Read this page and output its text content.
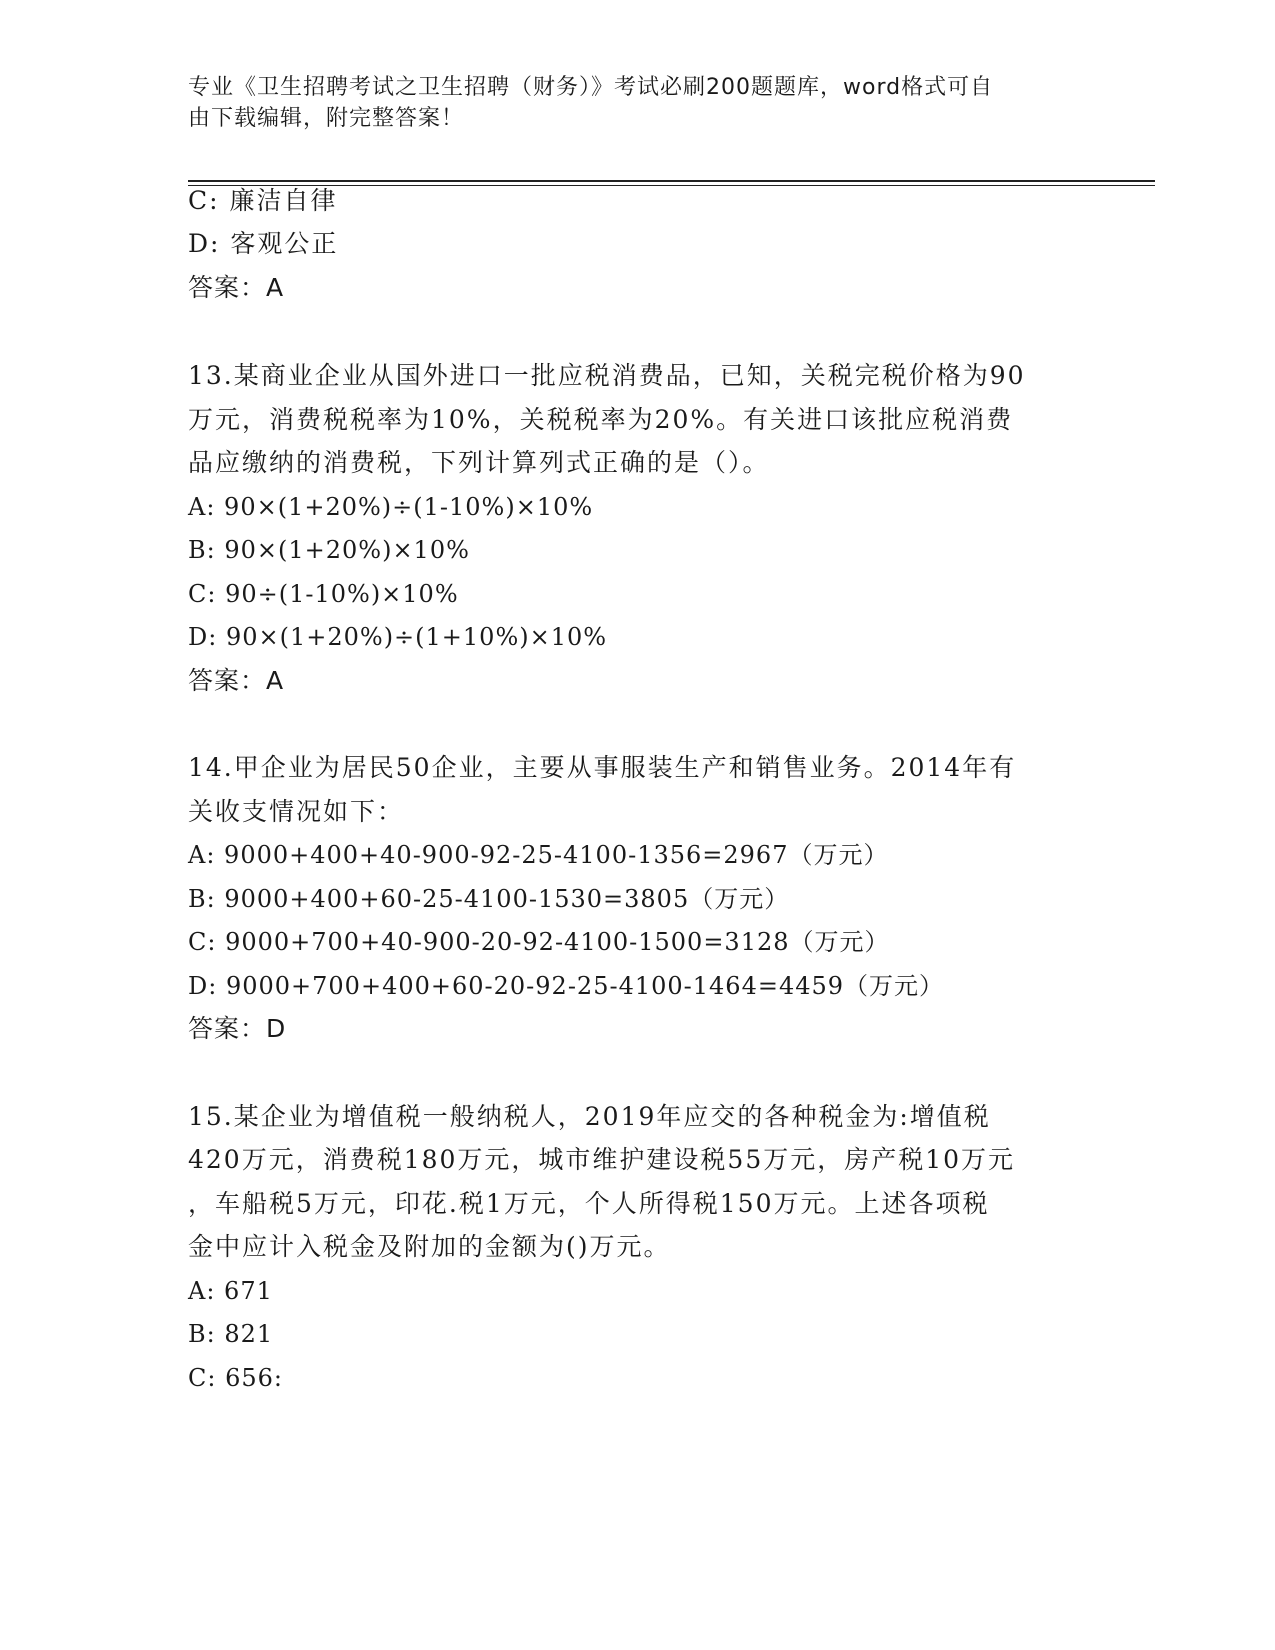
专业《卫生招聘考试之卫生招聘（财务）》考试必刷200题题库，word格式可自
由下载编辑，附完整答案！
C: 廉洁自律
D: 客观公正
答案：A
13.某商业企业从国外进口一批应税消费品，已知，关税完税价格为90
万元，消费税税率为10%，关税税率为20%。有关进口该批应税消费
品应缴纳的消费税，下列计算列式正确的是（）。
A: 90×(1+20%)÷(1-10%)×10%
B: 90×(1+20%)×10%
C: 90÷(1-10%)×10%
D: 90×(1+20%)÷(1+10%)×10%
答案：A
14.甲企业为居民50企业，主要从事服装生产和销售业务。2014年有
关收支情况如下：
A: 9000+400+40-900-92-25-4100-1356=2967（万元）
B: 9000+400+60-25-4100-1530=3805（万元）
C: 9000+700+40-900-20-92-4100-1500=3128（万元）
D: 9000+700+400+60-20-92-25-4100-1464=4459（万元）
答案：D
15.某企业为增值税一般纳税人，2019年应交的各种税金为:增值税
420万元，消费税180万元，城市维护建设税55万元，房产税10万元
，车船税5万元，印花.税1万元，个人所得税150万元。上述各项税
金中应计入税金及附加的金额为()万元。
A: 671
B: 821
C: 656:
